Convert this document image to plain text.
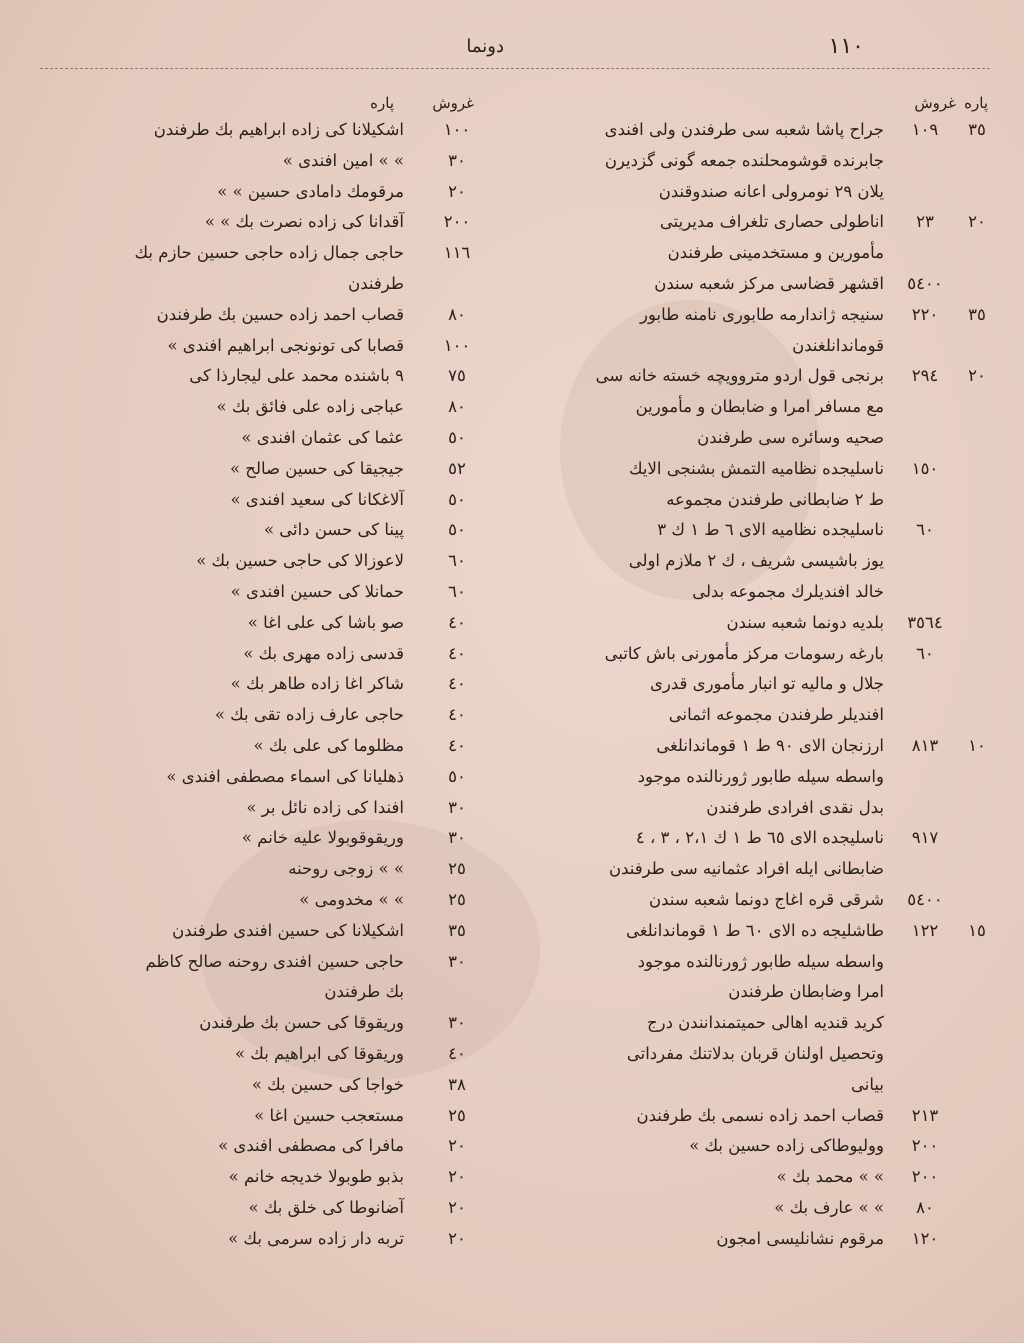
١١٠
دونما
پاره
غروش
٣٥
١٠٩
جراح پاشا شعبه سی طرفندن ولی افندی
جابرنده قوشومحلنده جمعه گونی گزدیرن
يلان ٢٩ نومرولی اعانه صندوقندن
٢٠
٢٣
اناطولی حصاری تلغراف مدیریتی
مأمورین و مستخدمینی طرفندن
٥٤٠٠
اقشهر قضاسی مرکز شعبه سندن
٣٥
٢٢٠
سنیجه ژاندارمه طابوری نامنه طابور
قوماندانلغندن
٢٠
٢٩٤
برنجی قول اردو متروویچه خسته خانه سی
مع مسافر امرا و ضابطان و مأمورین
صحیه وسائره سی طرفندن
١٥٠
ناسلیجده نظامیه التمش بشنجی الایك
ط ٢ ضابطانی طرفندن مجموعه
٦٠
ناسلیجده نظامیه الای ٦ ط ١ ك ٣
یوز باشیسی شریف ، ك ٢ ملازم اولی
خالد افندیلرك مجموعه بدلی
٣٥٦٤
بلدیه دونما شعبه سندن
٦٠
بارغه رسومات مرکز مأمورنی باش کاتبی
جلال و مالیه تو انبار مأموری قدری
افندیلر طرفندن مجموعه اثمانی
١٠
٨١٣
ارزنجان الای ٩٠ ط ١ قوماندانلغی
واسطه سیله طابور ژورنالنده موجود
بدل نقدی افرادی طرفندن
٩١٧
ناسلیجده الای ٦٥ ط ١ ك ٢،١ ، ٣ ، ٤
ضابطانی ایله افراد عثمانیه سی طرفندن
٥٤٠٠
شرقی قره اغاج دونما شعبه سندن
١٥
١٢٢
طاشلیجه ده الای ٦٠ ط ١ قوماندانلغی
واسطه سیله طابور ژورنالنده موجود
امرا وضابطان طرفندن
کرید قندیه اهالی حمیتمندانندن درج
وتحصیل اولنان قربان بدلاتنك مفرداتی
بیانی
٢١٣
قصاب احمد زاده نسمی بك طرفندن
٢٠٠
وولیوطاکی زاده حسین بك »
٢٠٠
» » محمد بك »
٨٠
» » عارف بك »
١٢٠
مرقوم نشانلیسی امجون
غروش
پاره
١٠٠
اشکیلانا کی زاده ابراهیم بك طرفندن
٣٠
» » امین افندی »
٢٠
مرقومك دامادی حسین » »
٢٠٠
آقدانا کی زاده نصرت بك » »
١١٦
حاجی جمال زاده حاجی حسین حازم بك
طرفندن
٨٠
قصاب احمد زاده حسین بك طرفندن
١٠٠
قصابا کی تونونجی ابراهیم افندی »
٧٥
٩ باشنده محمد علی لیجارذا کی
٨٠
عباجی زاده علی فائق بك »
٥٠
عثما کی عثمان افندی »
٥٢
جیجیقا کی حسین صالح »
٥٠
آلاغکانا کی سعید افندی »
٥٠
پینا کی حسن دائی »
٦٠
لاعوزالا کی حاجی حسین بك »
٦٠
حمانلا کی حسین افندی »
٤٠
صو باشا کی علی اغا »
٤٠
قدسی زاده مهری بك »
٤٠
شاکر اغا زاده طاهر بك »
٤٠
حاجی عارف زاده تقی بك »
٤٠
مظلوما کی علی بك »
٥٠
ذهلیانا کی اسماء مصطفی افندی »
٣٠
افندا کی زاده نائل بر »
٣٠
وریقوقوبولا علیه خانم »
٢٥
» » زوجی روحنه
٢٥
» » مخدومی »
٣٥
اشکیلانا کی حسین افندی طرفندن
٣٠
حاجی حسین افندی روحنه صالح کاظم
بك طرفندن
٣٠
وریقوقا کی حسن بك طرفندن
٤٠
وریقوقا کی ابراهیم بك »
٣٨
خواجا کی حسین بك »
٢٥
مستعجب حسین اغا »
٢٠
مافرا کی مصطفی افندی »
٢٠
بذبو طوبولا خدیجه خانم »
٢٠
آضانوطا کی خلق بك »
٢٠
تربه دار زاده سرمی بك »
